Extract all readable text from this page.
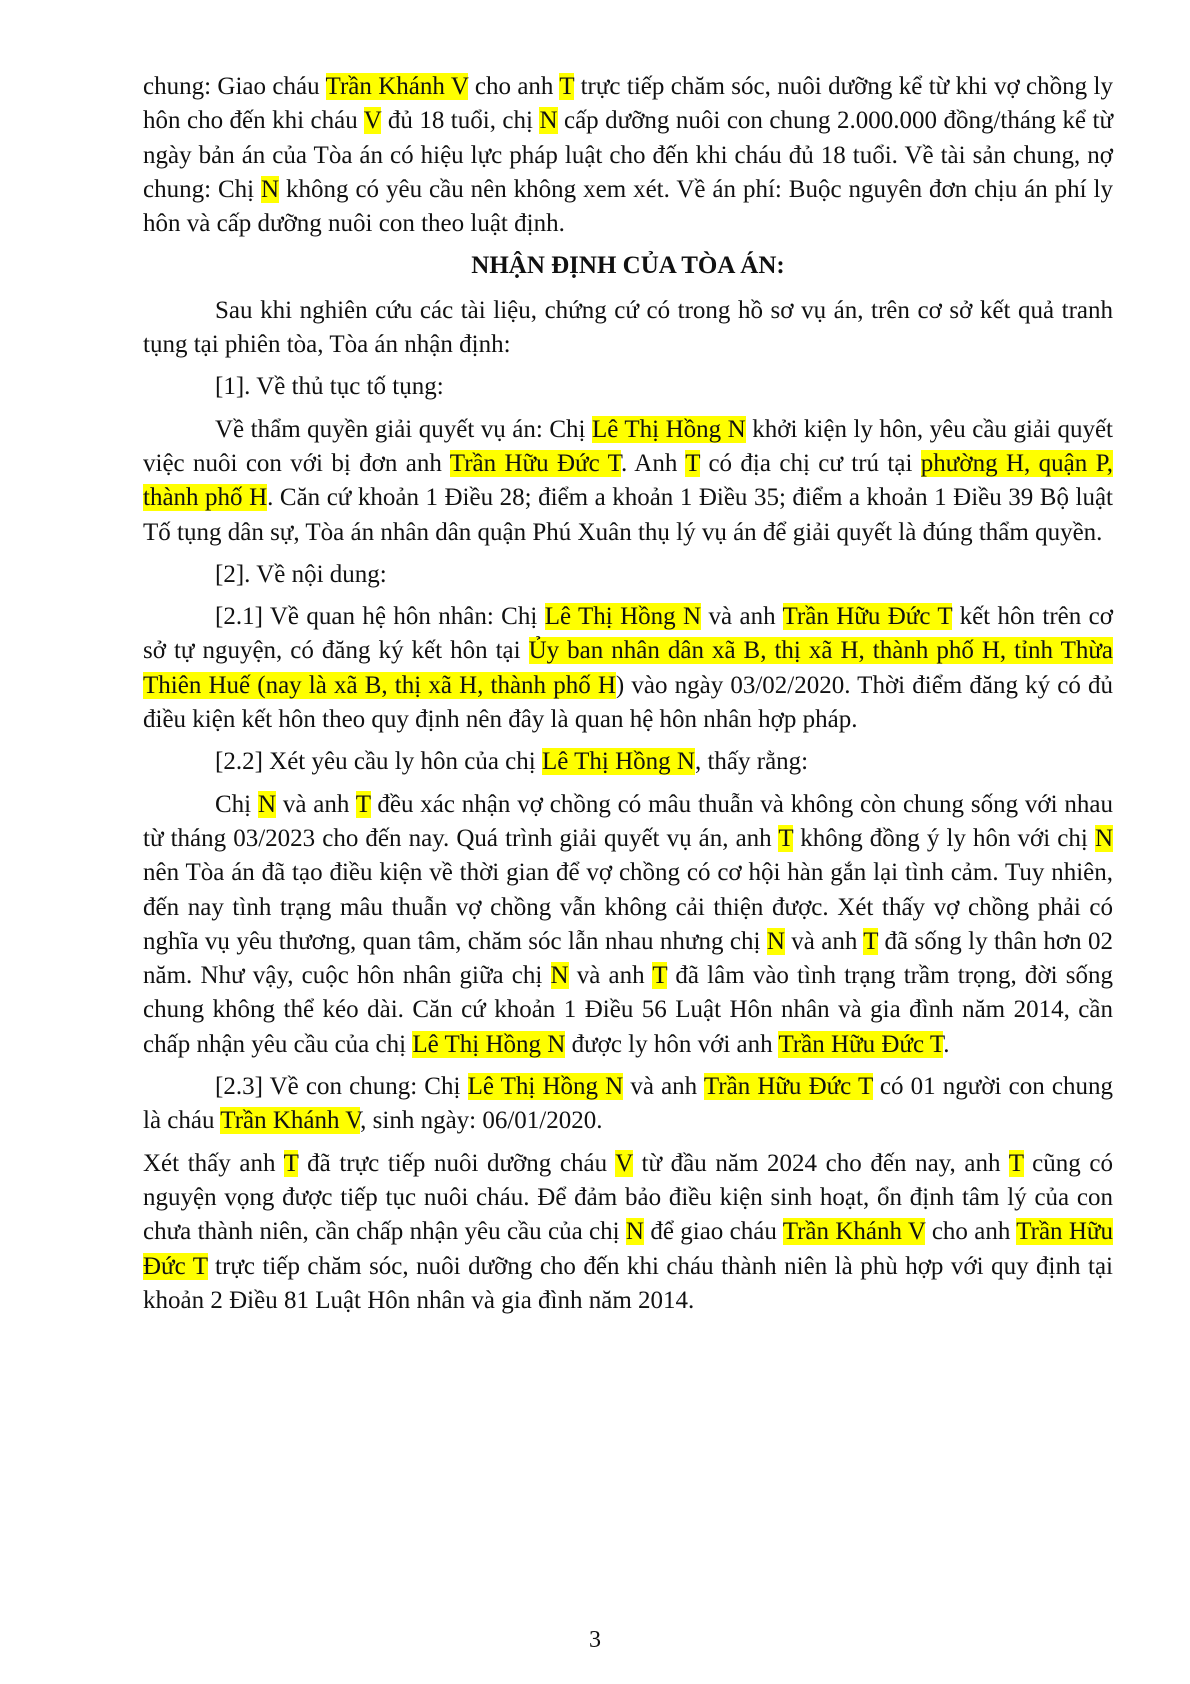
chung: Giao cháu Trần Khánh V cho anh T trực tiếp chăm sóc, nuôi dưỡng kể từ khi vợ chồng ly hôn cho đến khi cháu V đủ 18 tuổi, chị N cấp dưỡng nuôi con chung 2.000.000 đồng/tháng kể từ ngày bản án của Tòa án có hiệu lực pháp luật cho đến khi cháu đủ 18 tuổi. Về tài sản chung, nợ chung: Chị N không có yêu cầu nên không xem xét. Về án phí: Buộc nguyên đơn chịu án phí ly hôn và cấp dưỡng nuôi con theo luật định.

NHẬN ĐỊNH CỦA TÒA ÁN:

Sau khi nghiên cứu các tài liệu, chứng cứ có trong hồ sơ vụ án, trên cơ sở kết quả tranh tụng tại phiên tòa, Tòa án nhận định:

[1]. Về thủ tục tố tụng:

Về thẩm quyền giải quyết vụ án: Chị Lê Thị Hồng N khởi kiện ly hôn, yêu cầu giải quyết việc nuôi con với bị đơn anh Trần Hữu Đức T. Anh T có địa chị cư trú tại phường H, quận P, thành phố H. Căn cứ khoản 1 Điều 28; điểm a khoản 1 Điều 35; điểm a khoản 1 Điều 39 Bộ luật Tố tụng dân sự, Tòa án nhân dân quận Phú Xuân thụ lý vụ án để giải quyết là đúng thẩm quyền.

[2]. Về nội dung:

[2.1] Về quan hệ hôn nhân: Chị Lê Thị Hồng N và anh Trần Hữu Đức T kết hôn trên cơ sở tự nguyện, có đăng ký kết hôn tại Ủy ban nhân dân xã B, thị xã H, thành phố H, tỉnh Thừa Thiên Huế (nay là xã B, thị xã H, thành phố H) vào ngày 03/02/2020. Thời điểm đăng ký có đủ điều kiện kết hôn theo quy định nên đây là quan hệ hôn nhân hợp pháp.

[2.2] Xét yêu cầu ly hôn của chị Lê Thị Hồng N, thấy rằng:

Chị N và anh T đều xác nhận vợ chồng có mâu thuẫn và không còn chung sống với nhau từ tháng 03/2023 cho đến nay. Quá trình giải quyết vụ án, anh T không đồng ý ly hôn với chị N nên Tòa án đã tạo điều kiện về thời gian để vợ chồng có cơ hội hàn gắn lại tình cảm. Tuy nhiên, đến nay tình trạng mâu thuẫn vợ chồng vẫn không cải thiện được. Xét thấy vợ chồng phải có nghĩa vụ yêu thương, quan tâm, chăm sóc lẫn nhau nhưng chị N và anh T đã sống ly thân hơn 02 năm. Như vậy, cuộc hôn nhân giữa chị N và anh T đã lâm vào tình trạng trầm trọng, đời sống chung không thể kéo dài. Căn cứ khoản 1 Điều 56 Luật Hôn nhân và gia đình năm 2014, cần chấp nhận yêu cầu của chị Lê Thị Hồng N được ly hôn với anh Trần Hữu Đức T.

[2.3] Về con chung: Chị Lê Thị Hồng N và anh Trần Hữu Đức T có 01 người con chung là cháu Trần Khánh V, sinh ngày: 06/01/2020.

Xét thấy anh T đã trực tiếp nuôi dưỡng cháu V từ đầu năm 2024 cho đến nay, anh T cũng có nguyện vọng được tiếp tục nuôi cháu. Để đảm bảo điều kiện sinh hoạt, ổn định tâm lý của con chưa thành niên, cần chấp nhận yêu cầu của chị N để giao cháu Trần Khánh V cho anh Trần Hữu Đức T trực tiếp chăm sóc, nuôi dưỡng cho đến khi cháu thành niên là phù hợp với quy định tại khoản 2 Điều 81 Luật Hôn nhân và gia đình năm 2014.

3
